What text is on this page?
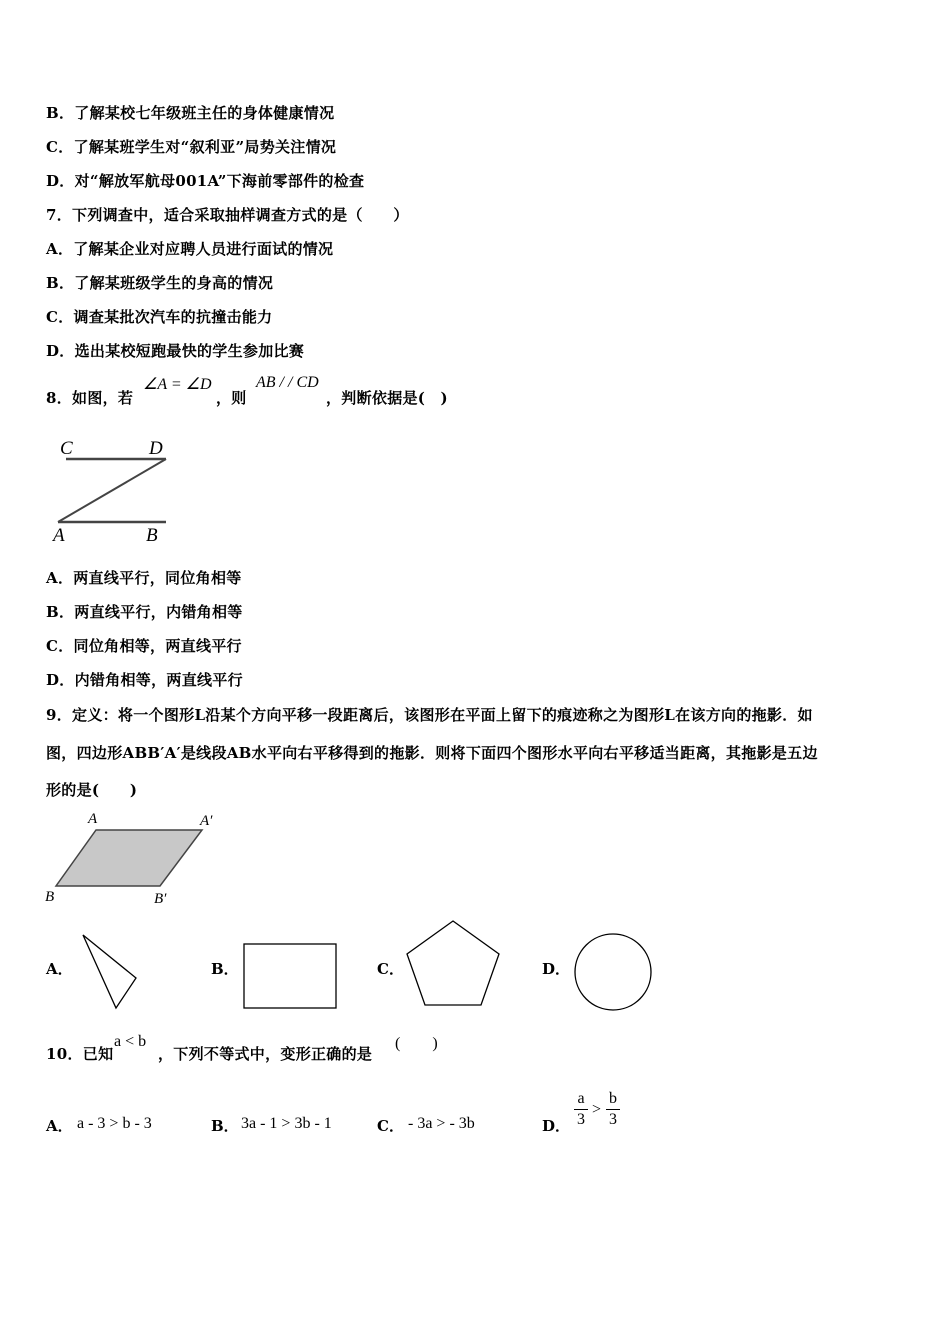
B．了解某校七年级班主任的身体健康情况
C．了解某班学生对“叙利亚”局势关注情况
D．对“解放军航母001A”下海前零部件的检查
7．下列调查中，适合采取抽样调查方式的是（　　）
A．了解某企业对应聘人员进行面试的情况
B．了解某班级学生的身高的情况
C．调查某批次汽车的抗撞击能力
D．选出某校短跑最快的学生参加比赛
8．如图，若
∠A = ∠D
，则
AB / / CD
，判断依据是(　)
C	D
A	B
A．两直线平行，同位角相等
B．两直线平行，内错角相等
C．同位角相等，两直线平行
D．内错角相等，两直线平行
9．定义：将一个图形L沿某个方向平移一段距离后，该图形在平面上留下的痕迹称之为图形L在该方向的拖影．如
图，四边形ABB′A′是线段AB水平向右平移得到的拖影．则将下面四个图形水平向右平移适当距离，其拖影是五边
形的是(　　)
A	A′
B	B′
A．	B．	C．	D．
10．已知
a < b
，下列不等式中，变形正确的是
(　　)
A． a - 3 > b - 3	B． 3a - 1 > 3b - 1	C． - 3a > - 3b	D．
a
3
>
b
3
